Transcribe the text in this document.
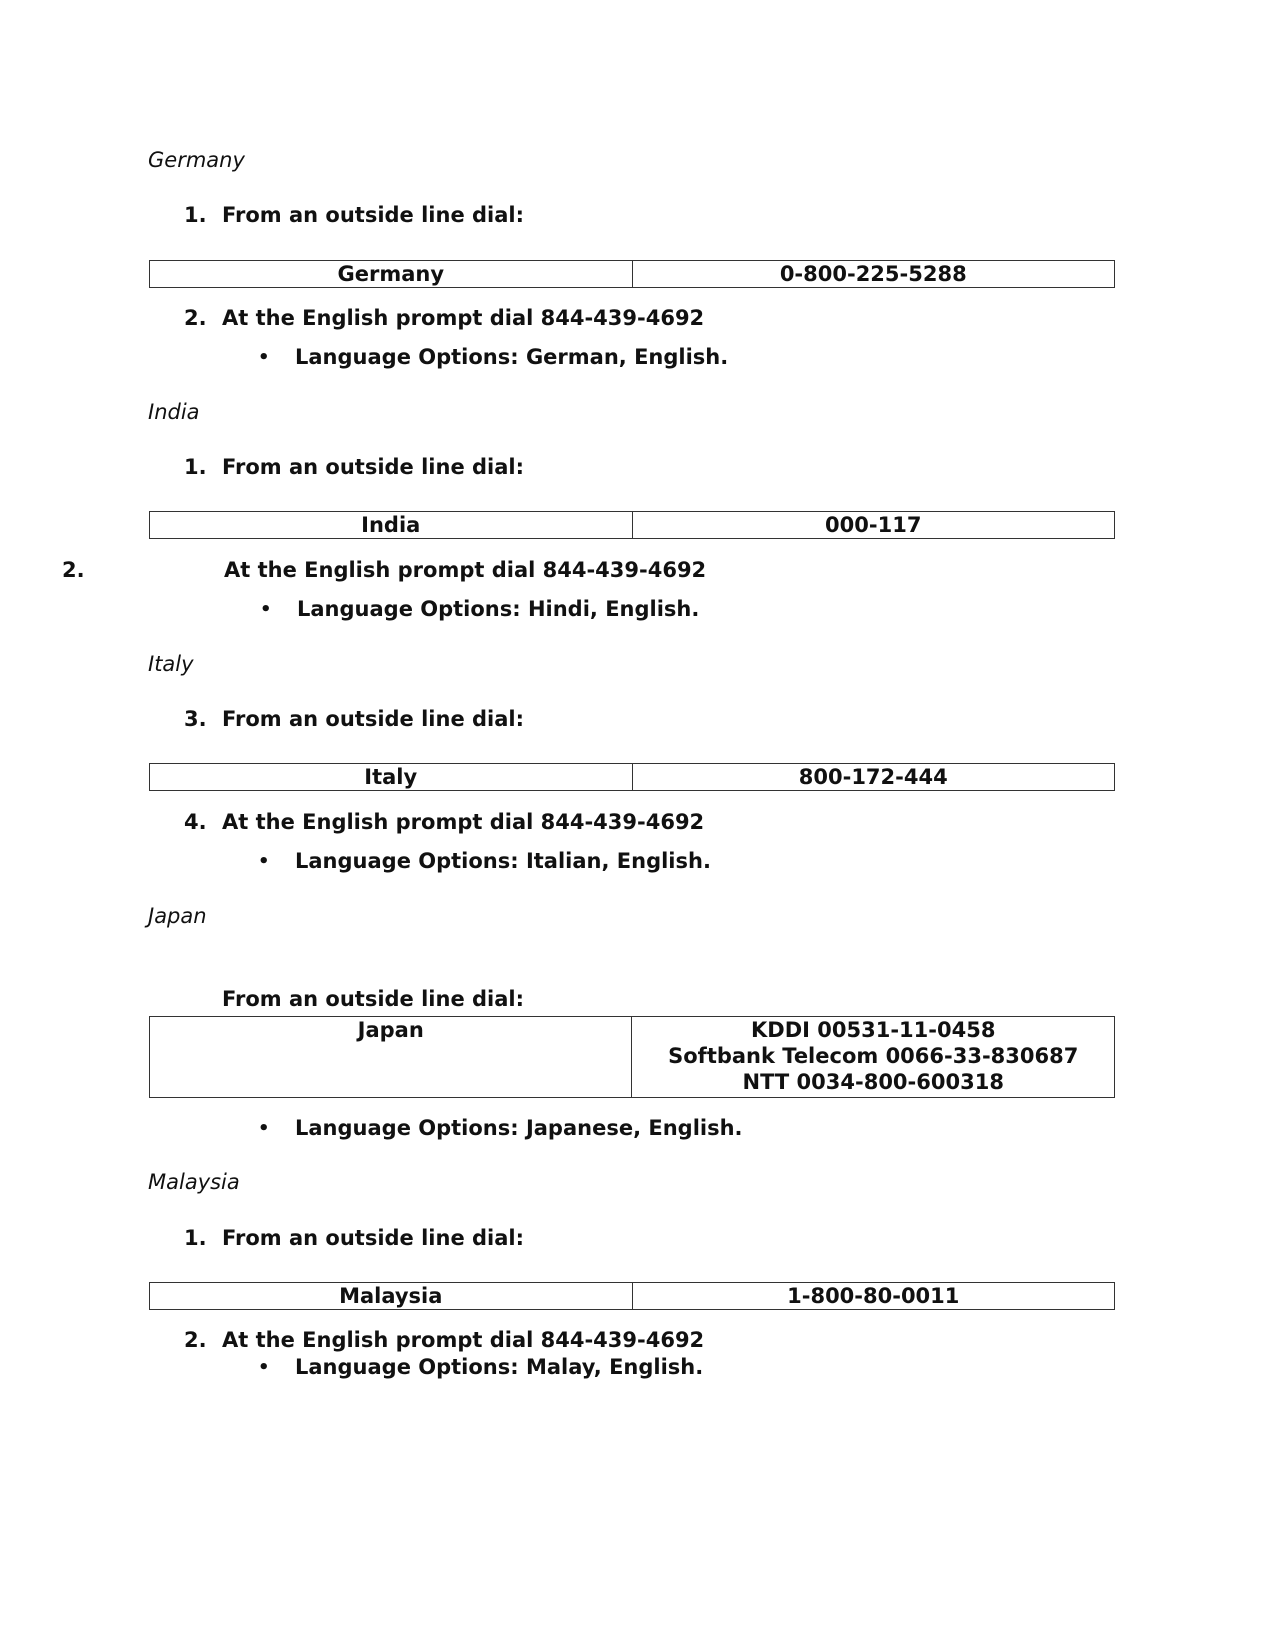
Germany
1. From an outside line dial:
Germany	0-800-225-5288
2. At the English prompt dial 844-439-4692
• Language Options: German, English.
India
1. From an outside line dial:
India	000-117
2.	At the English prompt dial 844-439-4692
• Language Options: Hindi, English.
Italy
3. From an outside line dial:
Italy	800-172-444
4. At the English prompt dial 844-439-4692
• Language Options: Italian, English.
Japan
From an outside line dial:
Japan	KDDI 00531-11-0458
Softbank Telecom 0066-33-830687
NTT 0034-800-600318
• Language Options: Japanese, English.
Malaysia
1. From an outside line dial:
Malaysia	1-800-80-0011
2. At the English prompt dial 844-439-4692
• Language Options: Malay, English.
